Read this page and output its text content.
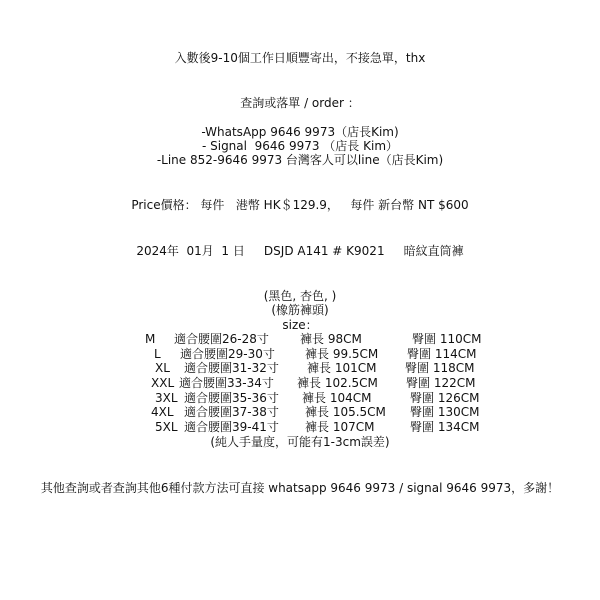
入數後9-10個工作日順豐寄出，不接急單，thx
查詢或落單 / order ：
-WhatsApp 9646 9973（店長Kim)
- Signal  9646 9973 （店長 Kim）
-Line 852-9646 9973 台灣客人可以line（店長Kim)
Price價格： 每件   港幣 HK＄129.9，   每件 新台幣 NT $600
2024年  01月  1 日     DSJD A141 # K9021     暗紋直筒褲
(黑色, 杏色, )
(橡筋褲頭)
size：
M 適合腰圍26-28寸	褲長 98CM	臀圍 110CM
L 適合腰圍29-30寸	褲長 99.5CM 臀圍 114CM
XL 適合腰圍31-32寸 褲長 101CM 臀圍 118CM
XXL 適合腰圍33-34寸 褲長 102.5CM 臀圍 122CM
3XL 適合腰圍35-36寸 褲長 104CM	臀圍 126CM
4XL 適合腰圍37-38寸 褲長 105.5CM 臀圍 130CM
5XL 適合腰圍39-41寸 褲長 107CM	臀圍 134CM
(純人手量度，可能有1-3cm誤差)
其他查詢或者查詢其他6種付款方法可直接 whatsapp 9646 9973 / signal 9646 9973，多謝！
